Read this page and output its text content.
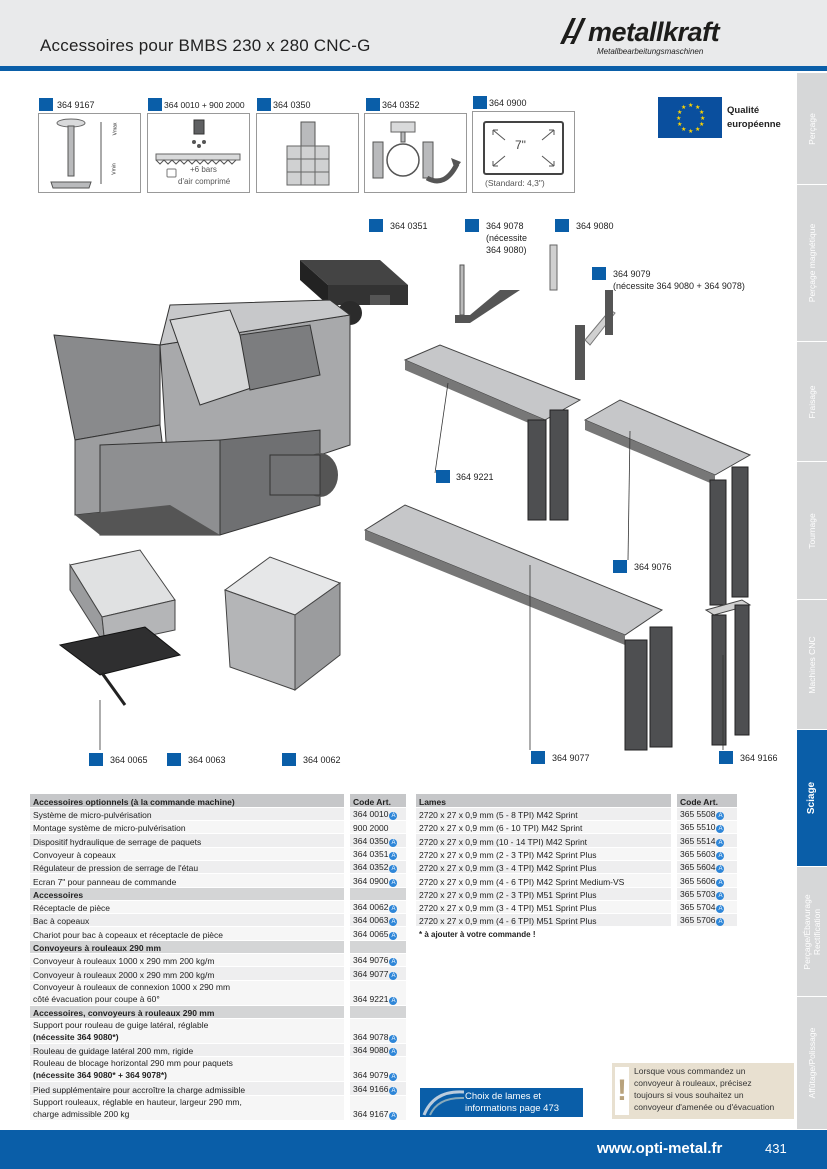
Accessoires pour BMBS 230 x 280 CNC-G	metallkraft
Metallbearbeitungsmaschinen
Perçage
Perçage magnétique
Fraisage
Tournage
Machines CNC
Sciage
Perçage/Ébavurage Rectification
Affûtage/Polissage
364 9167
Vmax
Vmin
364 0010 + 900 2000
+6 bars
d'air comprimé
364 0350	364 0352	364 0900
7"
(Standard: 4,3")
★ ★
★
★
★
★
★
★
★
★
★
★	Qualité
européenne
364 0351	364 9078
(nécessite
364 9080)
364 9080
364 9079
(nécessite 364 9080 + 364 9078)
364 9221
364 9076
364 0065	364 0063	364 0062	364 9077	364 9166
Accessoires optionnels (à la commande machine)		Code Art.

Système de micro-pulvérisation		364 0010 A

Montage système de micro-pulvérisation		900 2000

Dispositif hydraulique de serrage de paquets		364 0350 A

Convoyeur à copeaux		364 0351 A

Régulateur de pression de serrage de l'étau		364 0352 A

Ecran 7" pour panneau de commande		364 0900 A
Accessoires		

Réceptacle de pièce		364 0062 A

Bac à copeaux		364 0063 A

Chariot pour bac à copeaux et réceptacle de pièce		364 0065 A
Convoyeurs à rouleaux 290 mm		

Convoyeur à rouleaux 1000 x 290 mm 200 kg/m		364 9076 A

Convoyeur à rouleaux 2000 x 290 mm 200 kg/m		364 9077 A

Convoyeur à rouleaux de connexion 1000 x 290 mm
côté évacuation pour coupe à 60°		364 9221 A
Accessoires, convoyeurs à rouleaux 290 mm		

Support pour rouleau de guige latéral, réglable
(nécessite 364 9080*)		364 9078 A

Rouleau de guidage latéral 200 mm, rigide		364 9080 A

Rouleau de blocage horizontal 290 mm pour paquets
(nécessite 364 9080* + 364 9078*)		364 9079 A

Pied supplémentaire pour accroître la charge admissible		364 9166 A

Support rouleaux, réglable en hauteur, largeur 290 mm,
charge admissible 200 kg		364 9167 A
Lames		Code Art.
2720 x 27 x 0,9 mm (5 - 8 TPI) M42 Sprint		365 5508 A
2720 x 27 x 0,9 mm (6 - 10 TPI) M42 Sprint		365 5510 A
2720 x 27 x 0,9 mm (10 - 14 TPI) M42 Sprint		365 5514 A
2720 x 27 x 0,9 mm (2 - 3 TPI) M42 Sprint Plus		365 5603 A
2720 x 27 x 0,9 mm (3 - 4 TPI) M42 Sprint Plus		365 5604 A
2720 x 27 x 0,9 mm (4 - 6 TPI) M42 Sprint Medium-VS		365 5606 A
2720 x 27 x 0,9 mm (2 - 3 TPI) M51 Sprint Plus		365 5703 A
2720 x 27 x 0,9 mm (3 - 4 TPI) M51 Sprint Plus		365 5704 A
2720 x 27 x 0,9 mm (4 - 6 TPI) M51 Sprint Plus		365 5706 A
* à ajouter à votre commande !
Choix de lames et
informations page 473
!
Lorsque vous commandez un
convoyeur à rouleaux, précisez
toujours si vous souhaitez un
convoyeur d'amenée ou d'évacuation
www.opti-metal.fr	431
